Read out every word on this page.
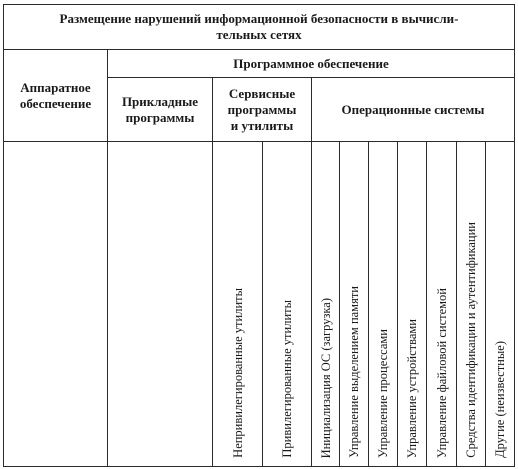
Размещение нарушений информационной безопасности в вычисли-
тельных сетях
Аппаратное
обеспечение
Программное обеспечение
Прикладные
программы
Сервисные
программы
и утилиты
Операционные системы
Непривилегированные утилиты	Привилегированные утилиты Инициализация ОС (загрузка) Управление выделением памяти Управление процессами Управление устройствами Управление файловой системой Средства идентификации и аутентификации Другие (неизвестные)
